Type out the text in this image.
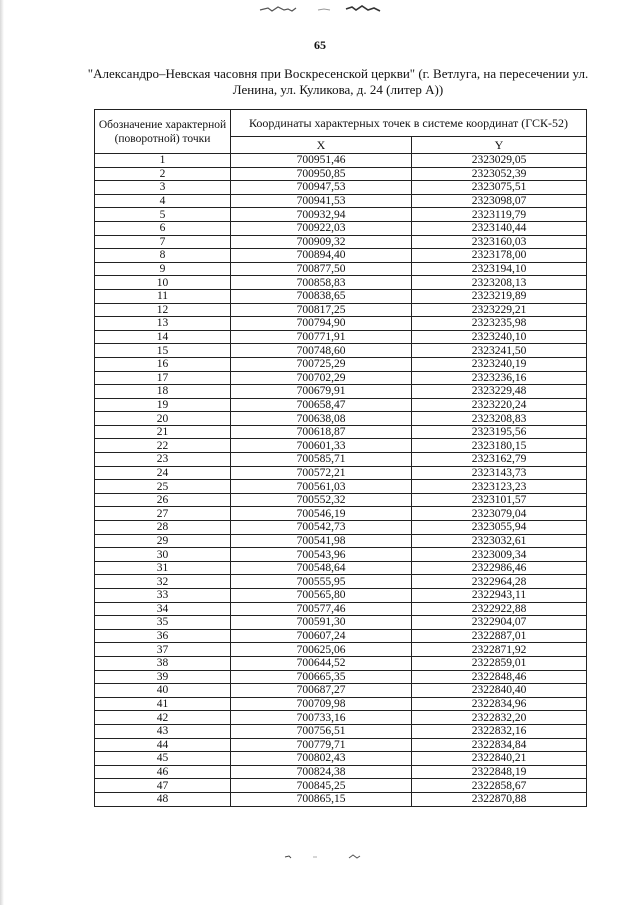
65
"Александро–Невская часовня при Воскресенской церкви" (г. Ветлуга, на пересечении ул. Ленина, ул. Куликова, д. 24 (литер А))
Обозначение характерной (поворотной) точки	Координаты характерных точек в системе координат (ГСК-52)	
	X	Y
1	700951,46	2323029,05
2	700950,85	2323052,39
3	700947,53	2323075,51
4	700941,53	2323098,07
5	700932,94	2323119,79
6	700922,03	2323140,44
7	700909,32	2323160,03
8	700894,40	2323178,00
9	700877,50	2323194,10
10	700858,83	2323208,13
11	700838,65	2323219,89
12	700817,25	2323229,21
13	700794,90	2323235,98
14	700771,91	2323240,10
15	700748,60	2323241,50
16	700725,29	2323240,19
17	700702,29	2323236,16
18	700679,91	2323229,48
19	700658,47	2323220,24
20	700638,08	2323208,83
21	700618,87	2323195,56
22	700601,33	2323180,15
23	700585,71	2323162,79
24	700572,21	2323143,73
25	700561,03	2323123,23
26	700552,32	2323101,57
27	700546,19	2323079,04
28	700542,73	2323055,94
29	700541,98	2323032,61
30	700543,96	2323009,34
31	700548,64	2322986,46
32	700555,95	2322964,28
33	700565,80	2322943,11
34	700577,46	2322922,88
35	700591,30	2322904,07
36	700607,24	2322887,01
37	700625,06	2322871,92
38	700644,52	2322859,01
39	700665,35	2322848,46
40	700687,27	2322840,40
41	700709,98	2322834,96
42	700733,16	2322832,20
43	700756,51	2322832,16
44	700779,71	2322834,84
45	700802,43	2322840,21
46	700824,38	2322848,19
47	700845,25	2322858,67
48	700865,15	2322870,88
